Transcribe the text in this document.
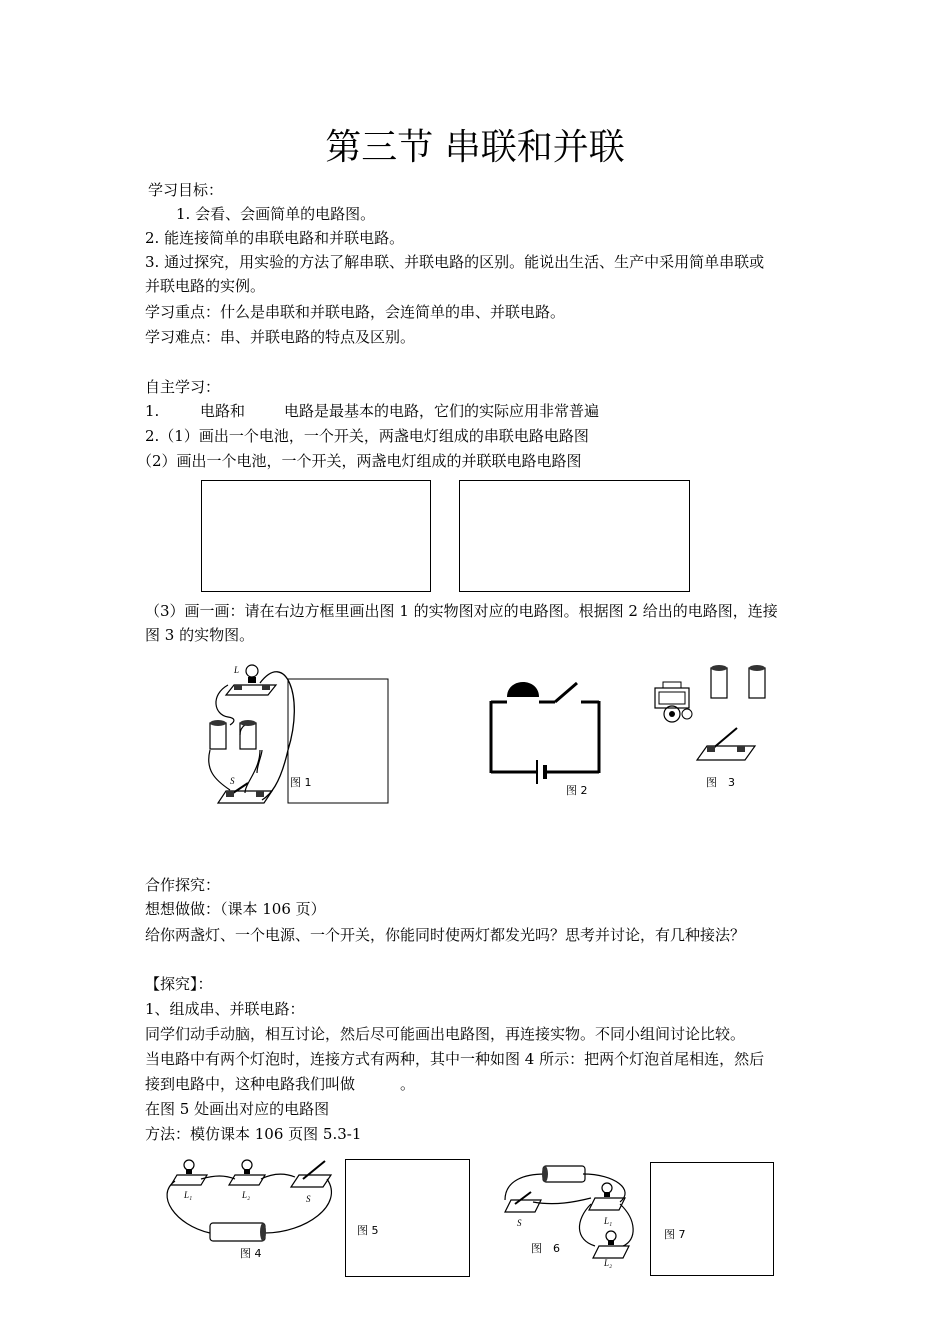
第三节 串联和并联
学习目标：
1. 会看、会画简单的电路图。
2. 能连接简单的串联电路和并联电路。
3. 通过探究，用实验的方法了解串联、并联电路的区别。能说出生活、生产中采用简单串联或
并联电路的实例。
学习重点：什么是串联和并联电路，会连简单的串、并联电路。
学习难点：串、并联电路的特点及区别。
自主学习：
1.	电路和	电路是最基本的电路，它们的实际应用非常普遍
2.（1）画出一个电池，一个开关，两盏电灯组成的串联电路电路图
（2）画出一个电池，一个开关，两盏电灯组成的并联联电路电路图
（3）画一画：请在右边方框里画出图 1 的实物图对应的电路图。根据图 2 给出的电路图，连接
图 3 的实物图。
L
S	图 1
图 2
图　3
合作探究：
想想做做：（课本 106 页）
给你两盏灯、一个电源、一个开关，你能同时使两灯都发光吗？思考并讨论，有几种接法？
【探究】：
1、组成串、并联电路：
同学们动手动脑，相互讨论，然后尽可能画出电路图，再连接实物。不同小组间讨论比较。
当电路中有两个灯泡时，连接方式有两种，其中一种如图 4 所示：把两个灯泡首尾相连，然后
接到电路中，这种电路我们叫做　　　。
在图 5 处画出对应的电路图
方法：模仿课本 106 页图 5.3-1
L₁	L₂	S
图 4
图 5
S	L₁
L₂
图　6
图 7
